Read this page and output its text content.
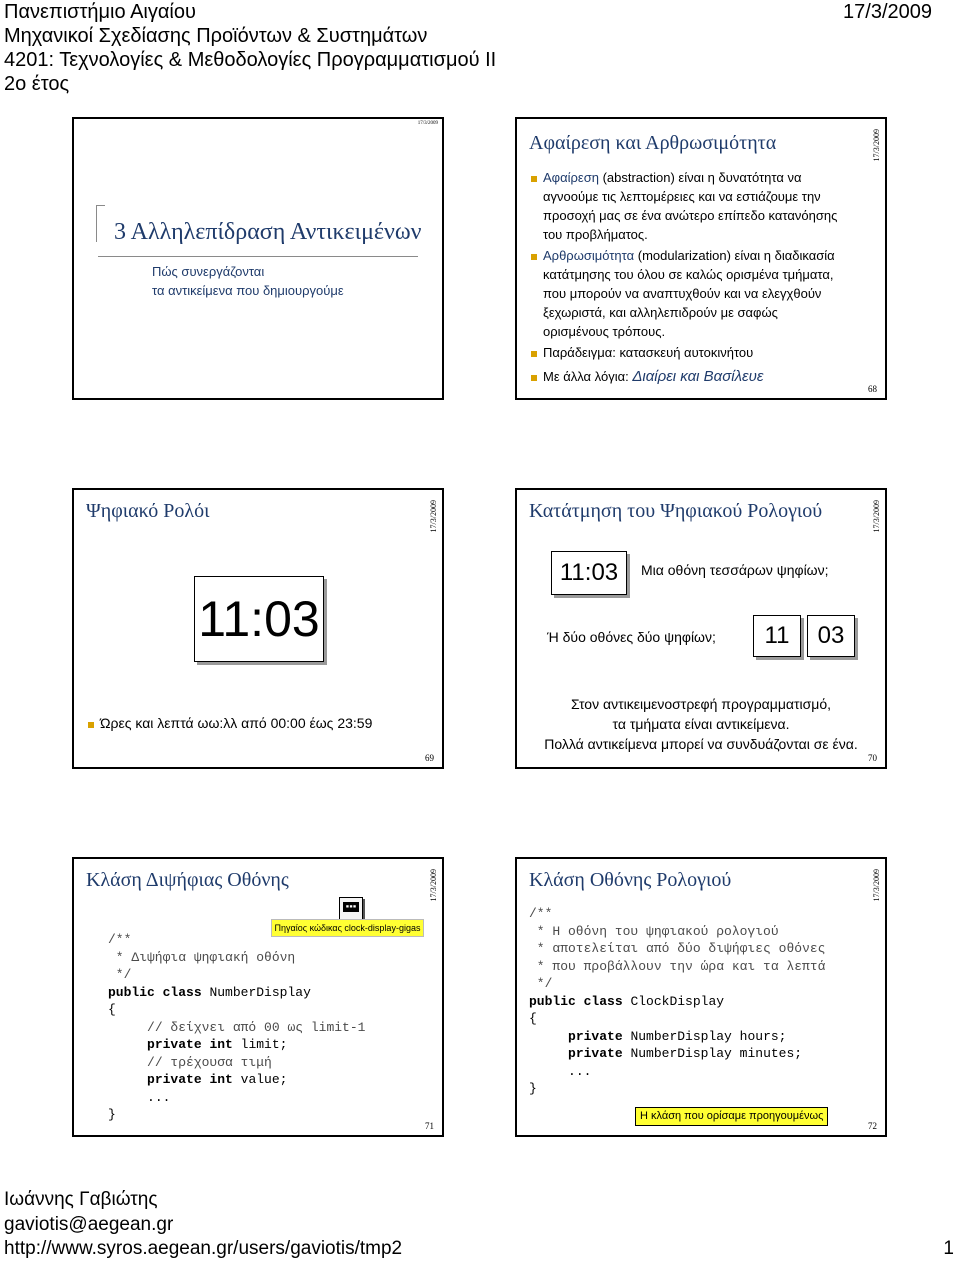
Πανεπιστήμιο Αιγαίου	17/3/2009
Μηχανικοί Σχεδίασης Προϊόντων & Συστημάτων
4201: Τεχνολογίες & Μεθοδολογίες Προγραμματισμού ΙΙ
2ο έτος
17/3/2009
3 Αλληλεπίδραση Αντικειμένων
Πώς συνεργάζονται
τα αντικείμενα που δημιουργούμε
Αφαίρεση και Αρθρωσιμότητα	17/3/2009
Αφαίρεση (abstraction) είναι η δυνατότητα να
αγνοούμε τις λεπτομέρειες και να εστιάζουμε την
προσοχή μας σε ένα ανώτερο επίπεδο κατανόησης
του προβλήματος.
Αρθρωσιμότητα (modularization) είναι η διαδικασία
κατάτμησης του όλου σε καλώς ορισμένα τμήματα,
που μπορούν να αναπτυχθούν και να ελεγχθούν
ξεχωριστά, και αλληλεπιδρούν με σαφώς
ορισμένους τρόπους.
Παράδειγμα: κατασκευή αυτοκινήτου
Με άλλα λόγια: Διαίρει και Βασίλευε
68
Ψηφιακό Ρολόι	17/3/2009
11:03
Ώρες και λεπτά ωω:λλ από 00:00 έως 23:59
69
Κατάτμηση του Ψηφιακού Ρολογιού	17/3/2009
11:03	Μια οθόνη τεσσάρων ψηφίων;
Ή δύο οθόνες δύο ψηφίων;	11	03
Στον αντικειμενοστρεφή προγραμματισμό,
τα τμήματα είναι αντικείμενα.
Πολλά αντικείμενα μπορεί να συνδυάζονται σε ένα.
70
Κλάση Διψήφιας Οθόνης	17/3/2009
▪▪▪
Πηγαίος κώδικας clock-display-gigas
/**
* Διψήφια ψηφιακή οθόνη
*/
public class NumberDisplay
{
// δείχνει από 00 ως limit-1
private int limit;
// τρέχουσα τιμή
private int value;
...
}
71
Κλάση Οθόνης Ρολογιού	17/3/2009
/**
* Η οθόνη του ψηφιακού ρολογιού
* αποτελείται από δύο διψήφιες οθόνες
* που προβάλλουν την ώρα και τα λεπτά
*/
public class ClockDisplay
{
private NumberDisplay hours;
private NumberDisplay minutes;
...
}
Η κλάση που ορίσαμε προηγουμένως
72
Ιωάννης Γαβιώτης
gaviotis@aegean.gr
http://www.syros.aegean.gr/users/gaviotis/tmp2	1
